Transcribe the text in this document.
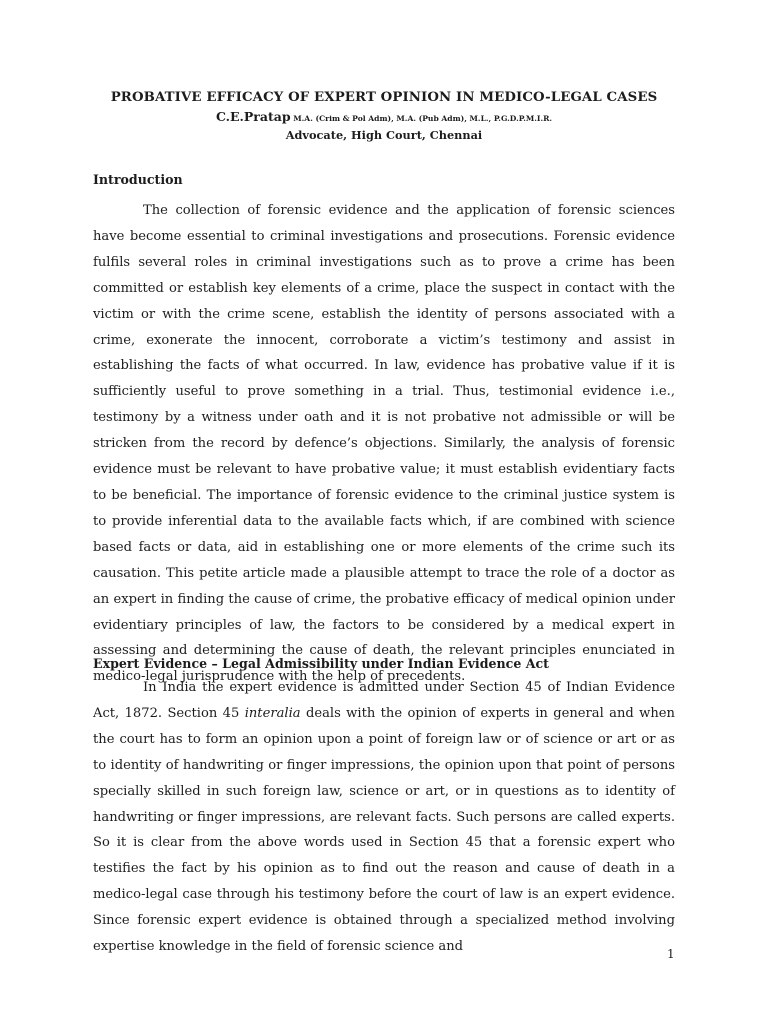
PROBATIVE EFFICACY OF EXPERT OPINION IN MEDICO-LEGAL CASES
C.E.Pratap M.A. (Crim & Pol Adm), M.A. (Pub Adm), M.L., P.G.D.P.M.I.R.
Advocate, High Court, Chennai
Introduction

The collection of forensic evidence and the application of forensic sciences have become essential to criminal investigations and prosecutions. Forensic evidence fulfils several roles in criminal investigations such as to prove a crime has been committed or establish key elements of a crime, place the suspect in contact with the victim or with the crime scene, establish the identity of persons associated with a crime, exonerate the innocent, corroborate a victim’s testimony and assist in establishing the facts of what occurred. In law, evidence has probative value if it is sufficiently useful to prove something in a trial. Thus, testimonial evidence i.e., testimony by a witness under oath and it is not probative not admissible or will be stricken from the record by defence’s objections. Similarly, the analysis of forensic evidence must be relevant to have probative value; it must establish evidentiary facts to be beneficial. The importance of forensic evidence to the criminal justice system is to provide inferential data to the available facts which, if are combined with science based facts or data, aid in establishing one or more elements of the crime such its causation. This petite article made a plausible attempt to trace the role of a doctor as an expert in finding the cause of crime, the probative efficacy of medical opinion under evidentiary principles of law, the factors to be considered by a medical expert in assessing and determining the cause of death, the relevant principles enunciated in medico-legal jurisprudence with the help of precedents.

Expert Evidence – Legal Admissibility under Indian Evidence Act

In India the expert evidence is admitted under Section 45 of Indian Evidence Act, 1872. Section 45 interalia deals with the opinion of experts in general and when the court has to form an opinion upon a point of foreign law or of science or art or as to identity of handwriting or finger impressions, the opinion upon that point of persons specially skilled in such foreign law, science or art, or in questions as to identity of handwriting or finger impressions, are relevant facts. Such persons are called experts. So it is clear from the above words used in Section 45 that a forensic expert who testifies the fact by his opinion as to find out the reason and cause of death in a medico-legal case through his testimony before the court of law is an expert evidence. Since forensic expert evidence is obtained through a specialized method involving expertise knowledge in the field of forensic science and	1
